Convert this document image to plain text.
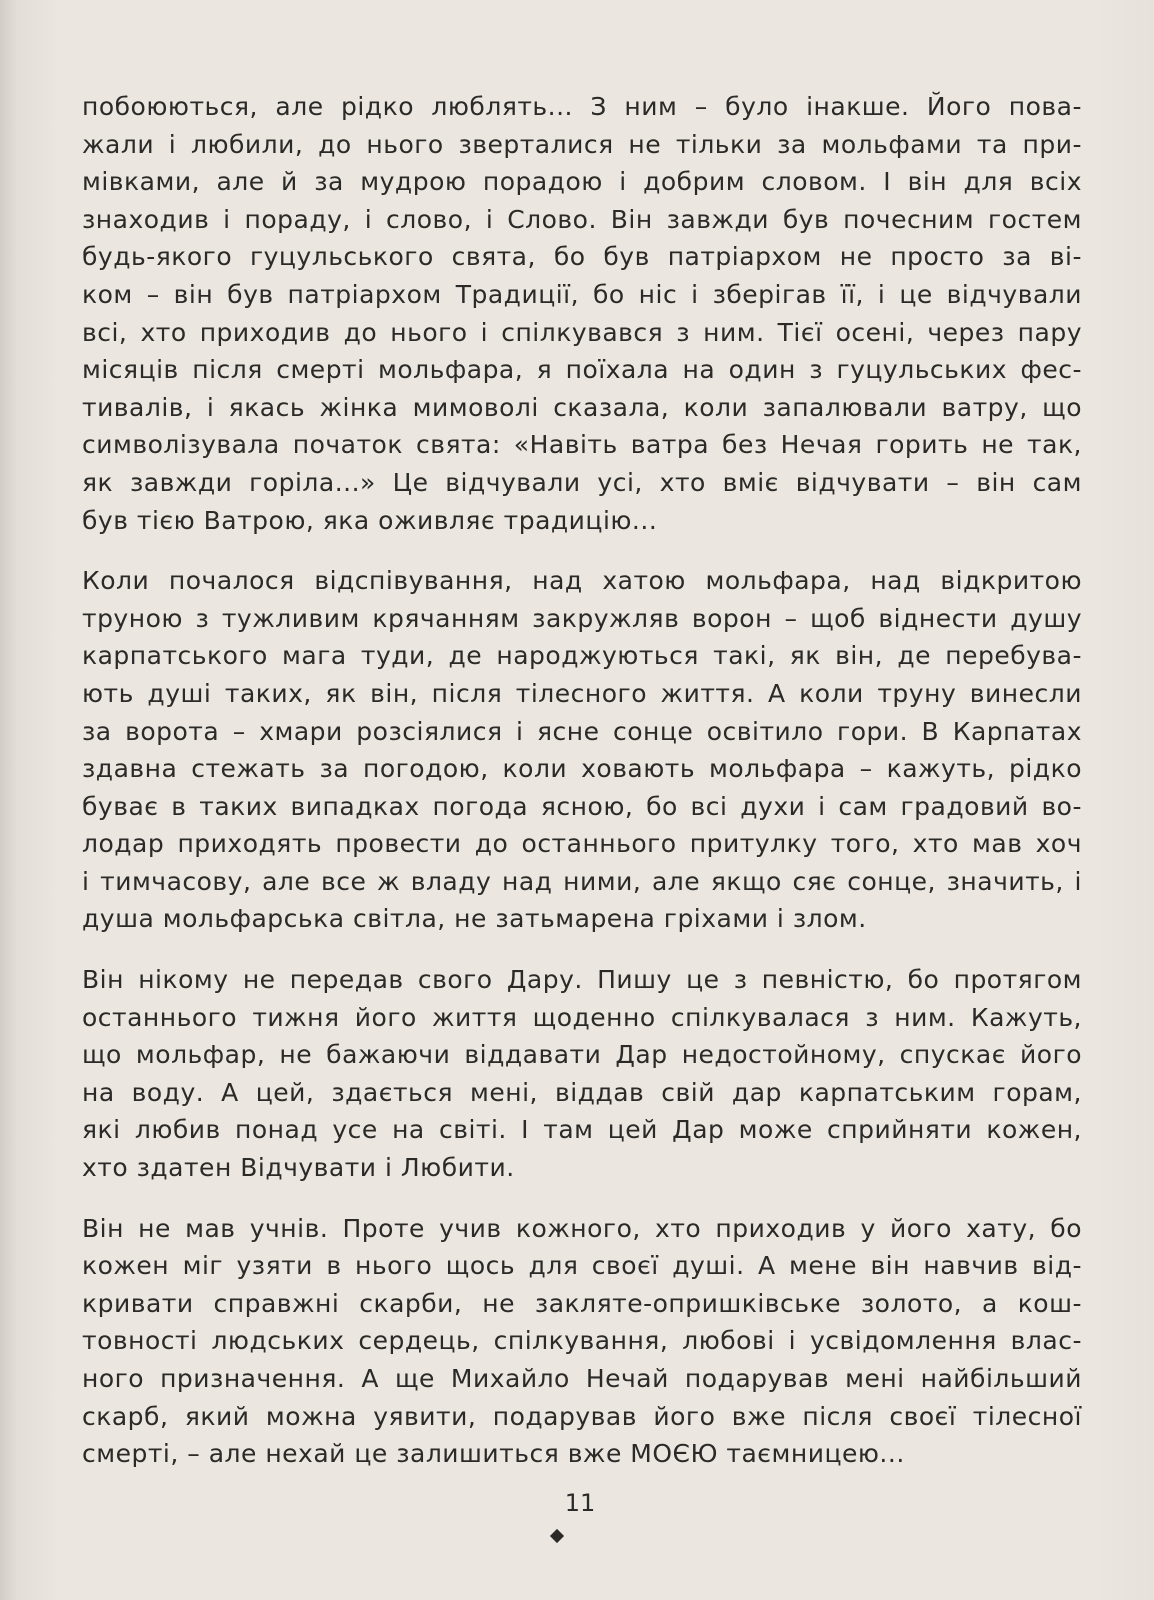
побоюються, але рідко люблять... З ним – було інакше. Його пова-
жали і любили, до нього зверталися не тільки за мольфами та при-
мівками, але й за мудрою порадою і добрим словом. І він для всіх
знаходив і пораду, і слово, і Слово. Він завжди був почесним гостем
будь-якого гуцульського свята, бо був патріархом не просто за ві-
ком – він був патріархом Традиції, бо ніс і зберігав її, і це відчували
всі, хто приходив до нього і спілкувався з ним. Тієї осені, через пару
місяців після смерті мольфара, я поїхала на один з гуцульських фес-
тивалів, і якась жінка мимоволі сказала, коли запалювали ватру, що
символізувала початок свята: «Навіть ватра без Нечая горить не так,
як завжди горіла...» Це відчували усі, хто вміє відчувати – він сам
був тією Ватрою, яка оживляє традицію...

Коли почалося відспівування, над хатою мольфара, над відкритою
труною з тужливим крячанням закружляв ворон – щоб віднести душу
карпатського мага туди, де народжуються такі, як він, де перебува-
ють душі таких, як він, після тілесного життя. А коли труну винесли
за ворота – хмари розсіялися і ясне сонце освітило гори. В Карпатах
здавна стежать за погодою, коли ховають мольфара – кажуть, рідко
буває в таких випадках погода ясною, бо всі духи і сам градовий во-
лодар приходять провести до останнього притулку того, хто мав хоч
і тимчасову, але все ж владу над ними, але якщо сяє сонце, значить, і
душа мольфарська світла, не затьмарена гріхами і злом.

Він нікому не передав свого Дару. Пишу це з певністю, бо протягом
останнього тижня його життя щоденно спілкувалася з ним. Кажуть,
що мольфар, не бажаючи віддавати Дар недостойному, спускає його
на воду. А цей, здається мені, віддав свій дар карпатським горам,
які любив понад усе на світі. І там цей Дар може сприйняти кожен,
хто здатен Відчувати і Любити.

Він не мав учнів. Проте учив кожного, хто приходив у його хату, бо
кожен міг узяти в нього щось для своєї душі. А мене він навчив від-
кривати справжні скарби, не закляте-опришківське золото, а кош-
товності людських сердець, спілкування, любові і усвідомлення влас-
ного призначення. А ще Михайло Нечай подарував мені найбільший
скарб, який можна уявити, подарував його вже після своєї тілесної
смерті, – але нехай це залишиться вже МОЄЮ таємницею...

11
